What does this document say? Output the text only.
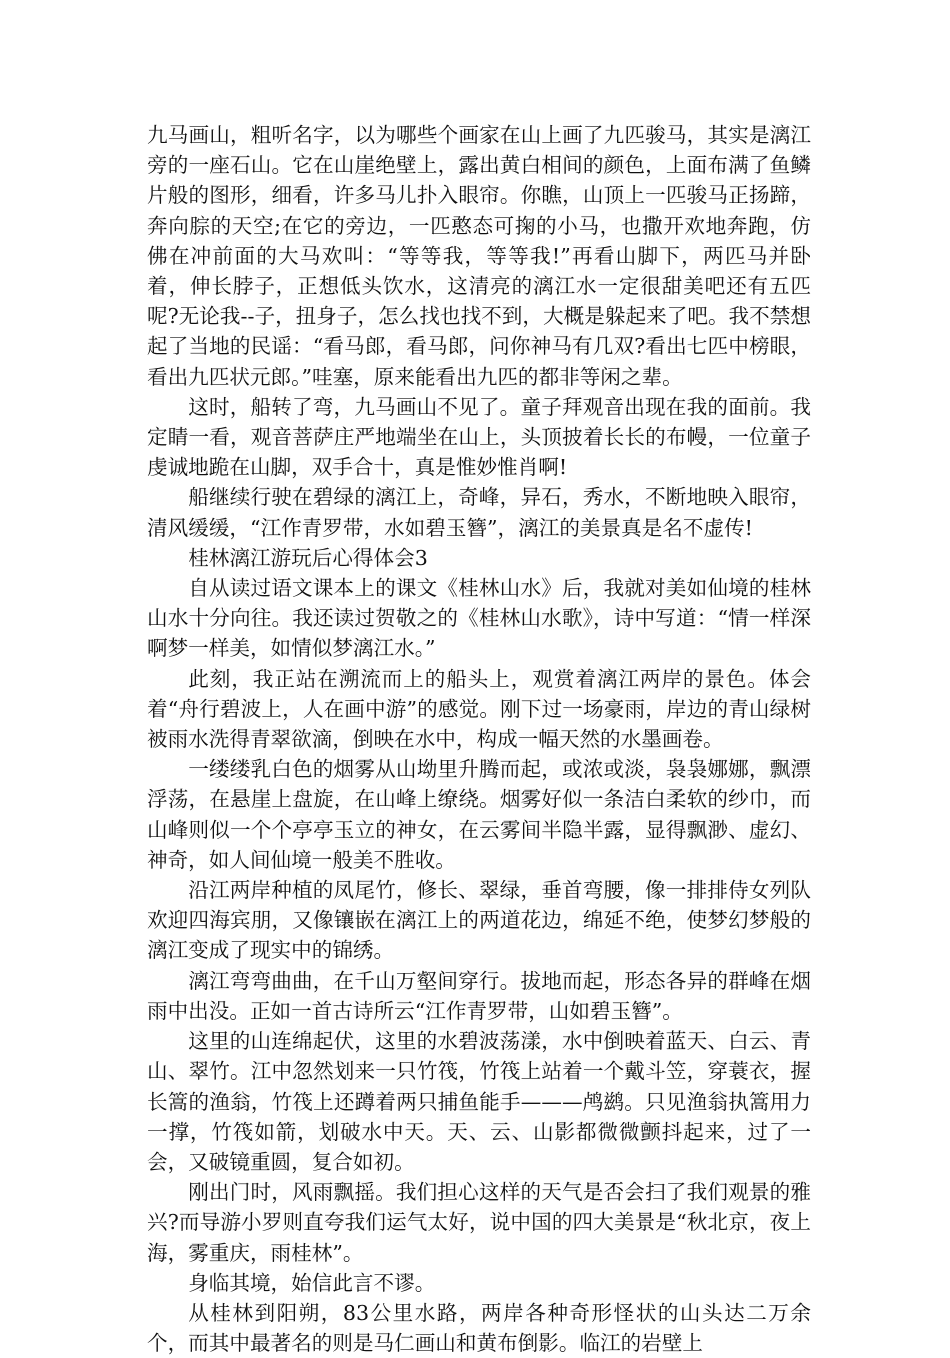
九马画山，粗听名字，以为哪些个画家在山上画了九匹骏马，其实是漓江旁的一座石山。它在山崖绝壁上，露出黄白相间的颜色，上面布满了鱼鳞片般的图形，细看，许多马儿扑入眼帘。你瞧，山顶上一匹骏马正扬蹄，奔向腙的天空;在它的旁边，一匹憨态可掬的小马，也撒开欢地奔跑，仿佛在冲前面的大马欢叫：“等等我，等等我!”再看山脚下，两匹马并卧着，伸长脖子，正想低头饮水，这清亮的漓江水一定很甜美吧还有五匹呢?无论我--子，扭身子，怎么找也找不到，大概是躲起来了吧。我不禁想起了当地的民谣：“看马郎，看马郎，问你神马有几双?看出七匹中榜眼，看出九匹状元郎。”哇塞，原来能看出九匹的都非等闲之辈。

这时，船转了弯，九马画山不见了。童子拜观音出现在我的面前。我定睛一看，观音菩萨庄严地端坐在山上，头顶披着长长的布幔，一位童子虔诚地跪在山脚，双手合十，真是惟妙惟肖啊!

船继续行驶在碧绿的漓江上，奇峰，异石，秀水，不断地映入眼帘，清风缓缓，“江作青罗带，水如碧玉簪”，漓江的美景真是名不虚传!

桂林漓江游玩后心得体会3

自从读过语文课本上的课文《桂林山水》后，我就对美如仙境的桂林山水十分向往。我还读过贺敬之的《桂林山水歌》，诗中写道：“情一样深啊梦一样美，如情似梦漓江水。”

此刻，我正站在溯流而上的船头上，观赏着漓江两岸的景色。体会着“舟行碧波上，人在画中游”的感觉。刚下过一场豪雨，岸边的青山绿树被雨水洗得青翠欲滴，倒映在水中，构成一幅天然的水墨画卷。

一缕缕乳白色的烟雾从山坳里升腾而起，或浓或淡，袅袅娜娜，飘漂浮荡，在悬崖上盘旋，在山峰上缭绕。烟雾好似一条洁白柔软的纱巾，而山峰则似一个个亭亭玉立的神女，在云雾间半隐半露，显得飘渺、虚幻、神奇，如人间仙境一般美不胜收。

沿江两岸种植的凤尾竹，修长、翠绿，垂首弯腰，像一排排侍女列队欢迎四海宾朋，又像镶嵌在漓江上的两道花边，绵延不绝，使梦幻梦般的漓江变成了现实中的锦绣。

漓江弯弯曲曲，在千山万壑间穿行。拔地而起，形态各异的群峰在烟雨中出没。正如一首古诗所云“江作青罗带，山如碧玉簪”。

这里的山连绵起伏，这里的水碧波荡漾，水中倒映着蓝天、白云、青山、翠竹。江中忽然划来一只竹筏，竹筏上站着一个戴斗笠，穿蓑衣，握长篙的渔翁，竹筏上还蹲着两只捕鱼能手———鸬鹚。只见渔翁执篙用力一撑，竹筏如箭，划破水中天。天、云、山影都微微颤抖起来，过了一会，又破镜重圆，复合如初。

刚出门时，风雨飘摇。我们担心这样的天气是否会扫了我们观景的雅兴?而导游小罗则直夸我们运气太好，说中国的四大美景是“秋北京，夜上海，雾重庆，雨桂林”。

身临其境，始信此言不谬。

从桂林到阳朔，83公里水路，两岸各种奇形怪状的山头达二万余个，而其中最著名的则是马仁画山和黄布倒影。临江的岩壁上
